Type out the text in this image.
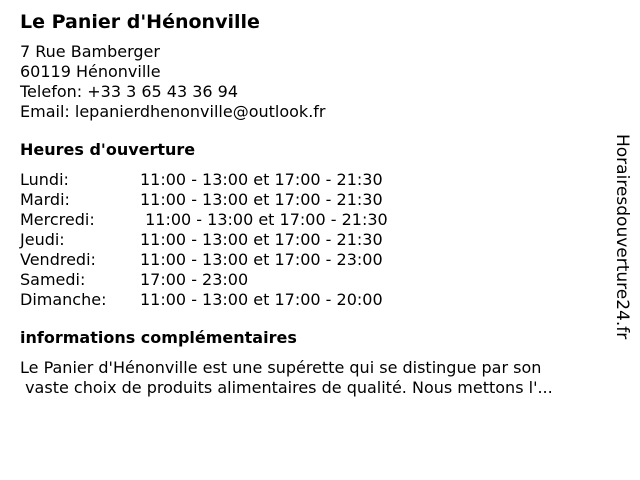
Le Panier d'Hénonville
7 Rue Bamberger
60119 Hénonville
Telefon: +33 3 65 43 36 94
Email: lepanierdhenonville@outlook.fr
Heures d'ouverture
Lundi:	11:00 - 13:00 et 17:00 - 21:30
Mardi:	11:00 - 13:00 et 17:00 - 21:30
Mercredi:	11:00 - 13:00 et 17:00 - 21:30
Jeudi:	11:00 - 13:00 et 17:00 - 21:30
Vendredi:	11:00 - 13:00 et 17:00 - 23:00
Samedi:	17:00 - 23:00
Dimanche:	11:00 - 13:00 et 17:00 - 20:00
informations complémentaires
Le Panier d'Hénonville est une supérette qui se distingue par son
vaste choix de produits alimentaires de qualité. Nous mettons l'...
Horairesdouverture24.fr
